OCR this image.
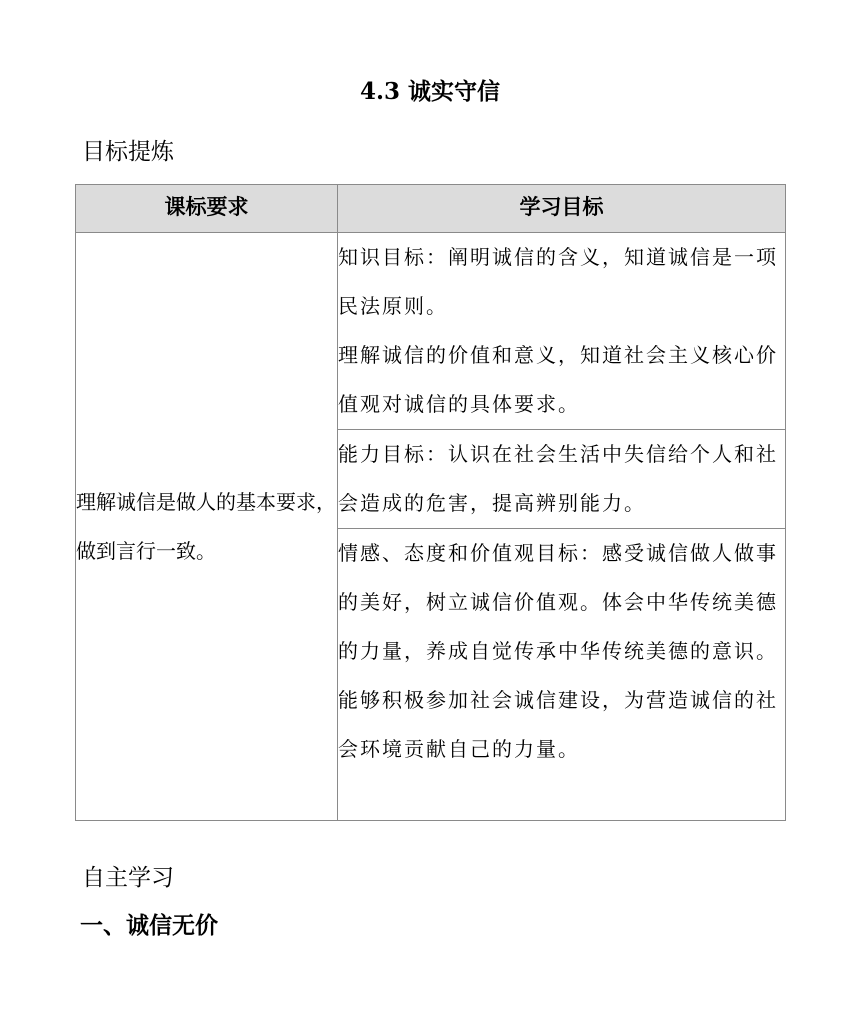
4.3 诚实守信
目标提炼
课标要求	学习目标
理解诚信是做人的基本要求，做到言行一致。	知识目标：阐明诚信的含义，知道诚信是一项民法原则。

理解诚信的价值和意义，知道社会主义核心价值观对诚信的具体要求。

	能力目标：认识在社会生活中失信给个人和社会造成的危害，提高辨别能力。
	情感、态度和价值观目标：感受诚信做人做事的美好，树立诚信价值观。体会中华传统美德的力量，养成自觉传承中华传统美德的意识。能够积极参加社会诚信建设，为营造诚信的社会环境贡献自己的力量。
自主学习
一、诚信无价
